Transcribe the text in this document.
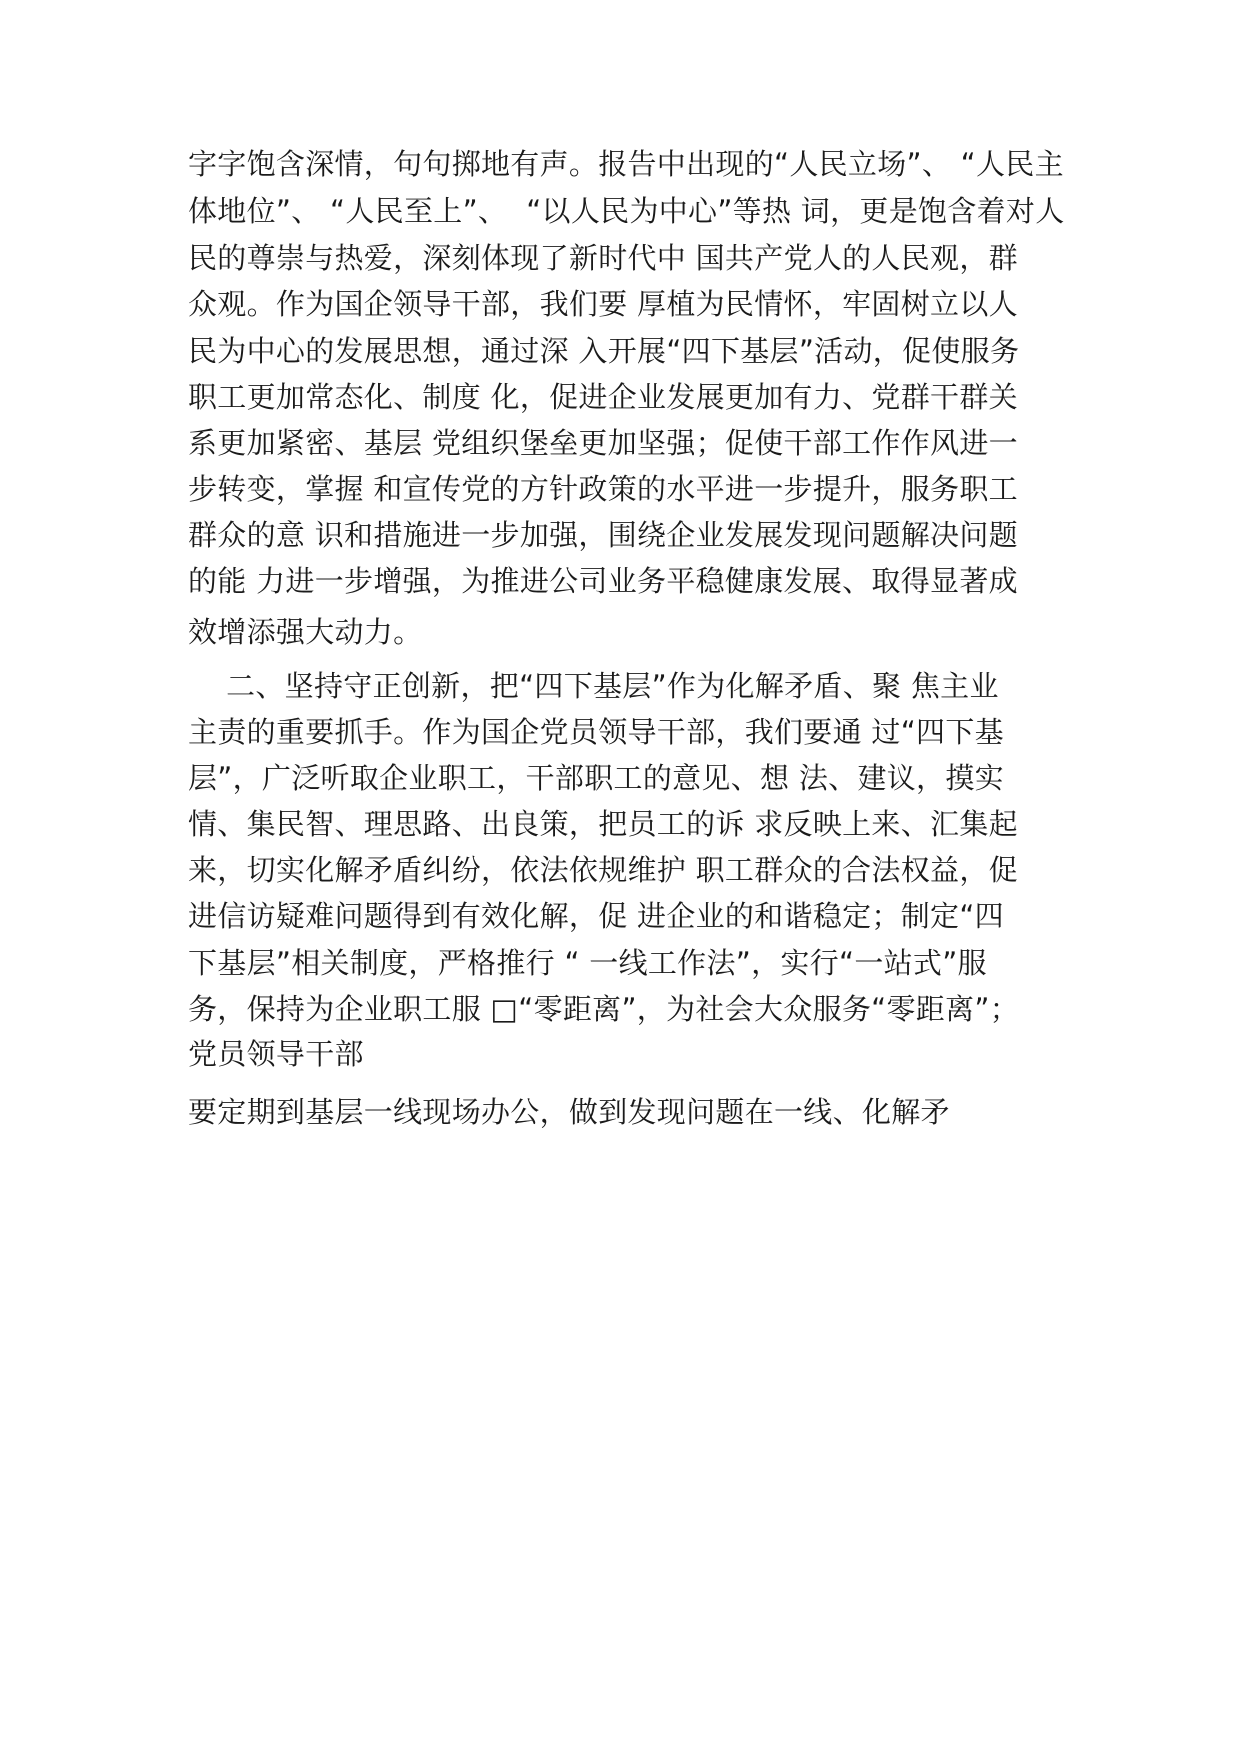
字字饱含深情，句句掷地有声。报告中出现的“人民立场”、 “人民主
体地位”、 “人民至上”、  “以人民为中心”等热 词，更是饱含着对人
民的尊崇与热爱，深刻体现了新时代中 国共产党人的人民观，群
众观。作为国企领导干部，我们要 厚植为民情怀，牢固树立以人
民为中心的发展思想，通过深 入开展“四下基层”活动，促使服务
职工更加常态化、制度 化，促进企业发展更加有力、党群干群关
系更加紧密、基层 党组织堡垒更加坚强；促使干部工作作风进一
步转变，掌握 和宣传党的方针政策的水平进一步提升，服务职工
群众的意 识和措施进一步加强，围绕企业发展发现问题解决问题
的能 力进一步增强，为推进公司业务平稳健康发展、取得显著成
效增添强大动力。
二、坚持守正创新，把“四下基层”作为化解矛盾、聚 焦主业
主责的重要抓手。作为国企党员领导干部，我们要通 过“四下基
层”，广泛听取企业职工，干部职工的意见、想 法、建议，摸实
情、集民智、理思路、出良策，把员工的诉 求反映上来、汇集起
来，切实化解矛盾纠纷，依法依规维护 职工群众的合法权益，促
进信访疑难问题得到有效化解，促 进企业的和谐稳定；制定“四
下基层”相关制度，严格推行 “ 一线工作法”，实行“一站式”服
务，保持为企业职工服 □“零距离”，为社会大众服务“零距离”；
党员领导干部
要定期到基层一线现场办公，做到发现问题在一线、化解矛
